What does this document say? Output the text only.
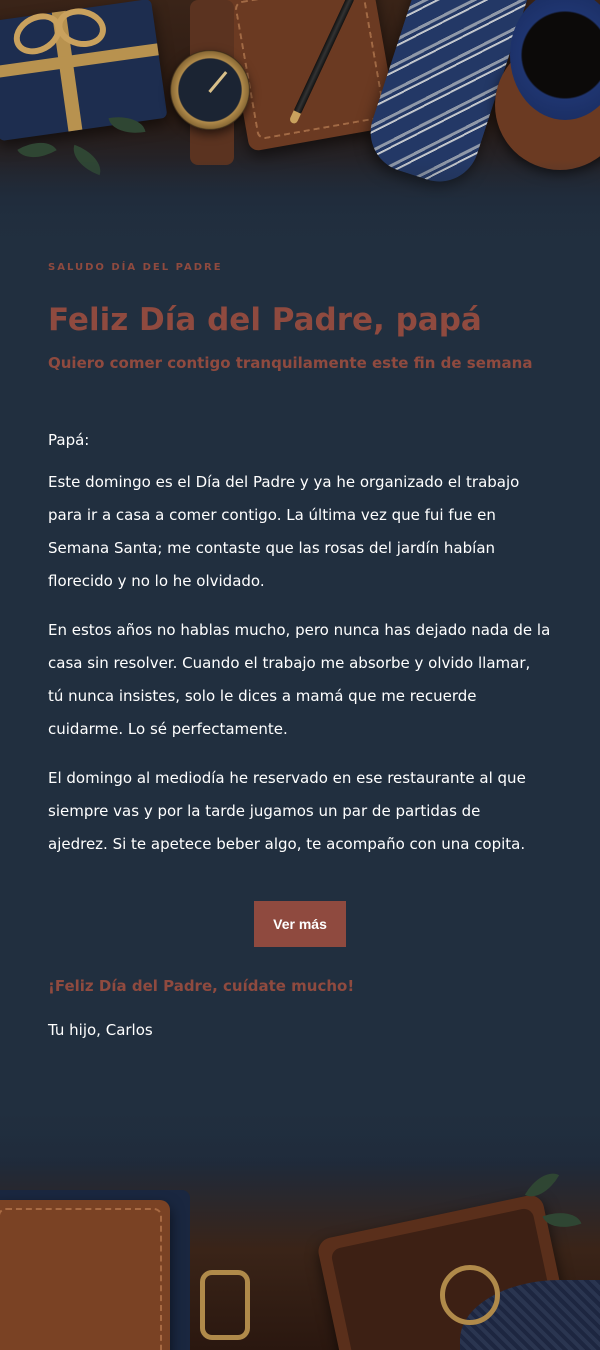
SALUDO DÍA DEL PADRE

Feliz Día del Padre, papá

Quiero comer contigo tranquilamente este fin de semana

Papá:

Este domingo es el Día del Padre y ya he organizado el trabajo
para ir a casa a comer contigo. La última vez que fui fue en
Semana Santa; me contaste que las rosas del jardín habían
florecido y no lo he olvidado.

En estos años no hablas mucho, pero nunca has dejado nada de la
casa sin resolver. Cuando el trabajo me absorbe y olvido llamar,
tú nunca insistes, solo le dices a mamá que me recuerde
cuidarme. Lo sé perfectamente.

El domingo al mediodía he reservado en ese restaurante al que
siempre vas y por la tarde jugamos un par de partidas de
ajedrez. Si te apetece beber algo, te acompaño con una copita.

Ver más

¡Feliz Día del Padre, cuídate mucho!

Tu hijo, Carlos
